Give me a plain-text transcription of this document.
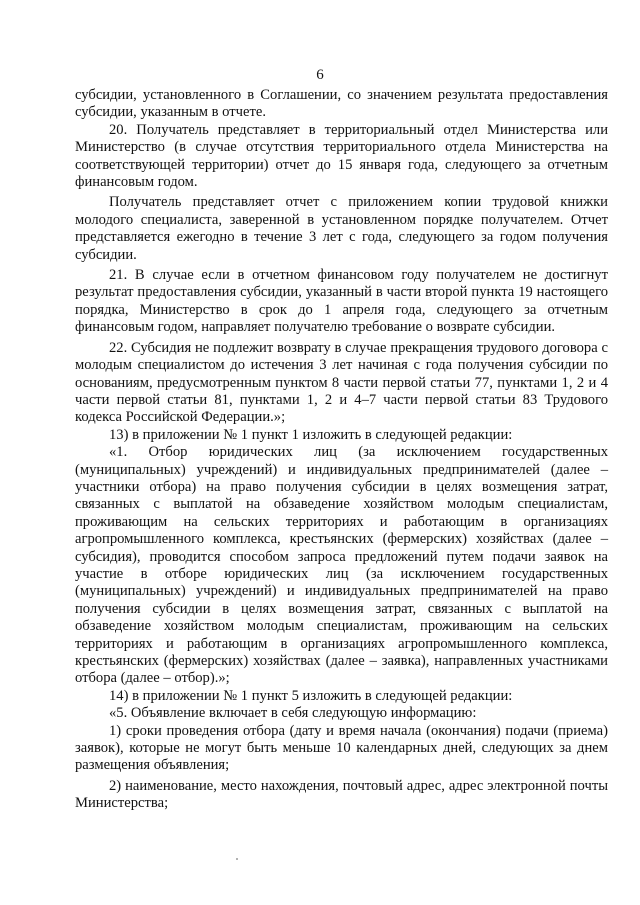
6

субсидии, установленного в Соглашении, со значением результата предоставления субсидии, указанным в отчете.

20. Получатель представляет в территориальный отдел Министерства или Министерство (в случае отсутствия территориального отдела Министерства на соответствующей территории) отчет до 15 января года, следующего за отчетным финансовым годом.

Получатель представляет отчет с приложением копии трудовой книжки молодого специалиста, заверенной в установленном порядке получателем. Отчет представляется ежегодно в течение 3 лет с года, следующего за годом получения субсидии.

21. В случае если в отчетном финансовом году получателем не достигнут результат предоставления субсидии, указанный в части второй пункта 19 настоящего порядка, Министерство в срок до 1 апреля года, следующего за отчетным финансовым годом, направляет получателю требование о возврате субсидии.

22. Субсидия не подлежит возврату в случае прекращения трудового договора с молодым специалистом до истечения 3 лет начиная с года получения субсидии по основаниям, предусмотренным пунктом 8 части первой статьи 77, пунктами 1, 2 и 4 части первой статьи 81, пунктами 1, 2 и 4–7 части первой статьи 83 Трудового кодекса Российской Федерации.»;

13) в приложении № 1 пункт 1 изложить в следующей редакции:

«1. Отбор юридических лиц (за исключением государственных (муниципальных) учреждений) и индивидуальных предпринимателей (далее – участники отбора) на право получения субсидии в целях возмещения затрат, связанных с выплатой на обзаведение хозяйством молодым специалистам, проживающим на сельских территориях и работающим в организациях агропромышленного комплекса, крестьянских (фермерских) хозяйствах (далее – субсидия), проводится способом запроса предложений путем подачи заявок на участие в отборе юридических лиц (за исключением государственных (муниципальных) учреждений) и индивидуальных предпринимателей на право получения субсидии в целях возмещения затрат, связанных с выплатой на обзаведение хозяйством молодым специалистам, проживающим на сельских территориях и работающим в организациях агропромышленного комплекса, крестьянских (фермерских) хозяйствах (далее – заявка), направленных участниками отбора (далее – отбор).»;

14) в приложении № 1 пункт 5 изложить в следующей редакции:

«5. Объявление включает в себя следующую информацию:

1) сроки проведения отбора (дату и время начала (окончания) подачи (приема) заявок), которые не могут быть меньше 10 календарных дней, следующих за днем размещения объявления;

2) наименование, место нахождения, почтовый адрес, адрес электронной почты Министерства;
